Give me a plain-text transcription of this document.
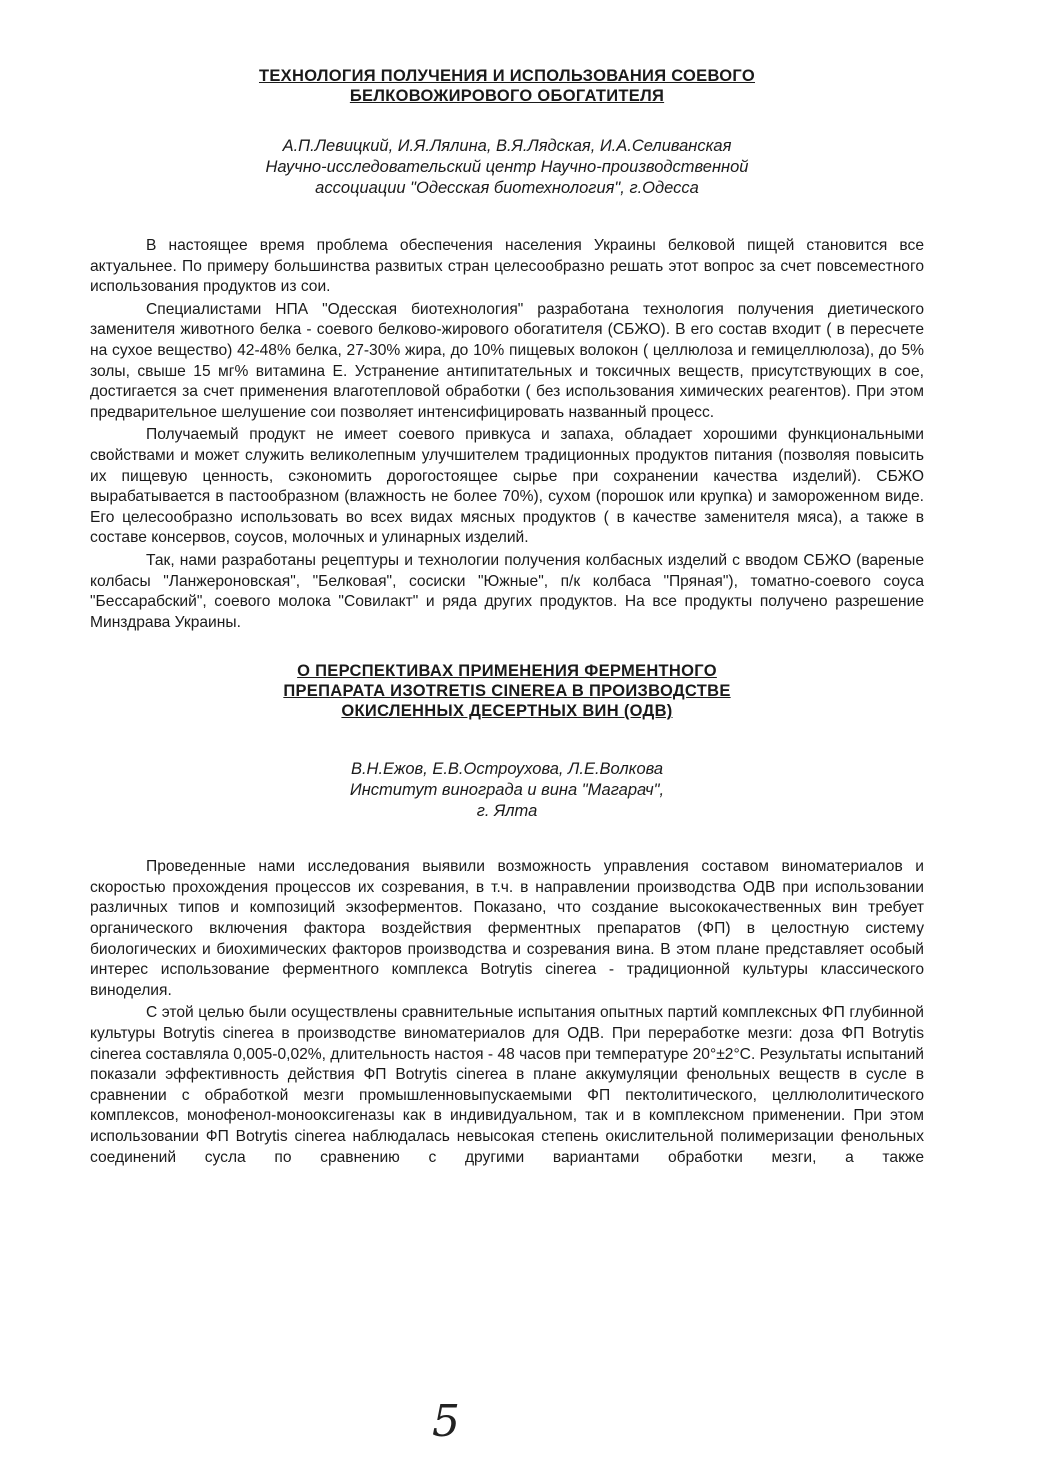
ТЕХНОЛОГИЯ ПОЛУЧЕНИЯ И ИСПОЛЬЗОВАНИЯ СОЕВОГО
БЕЛКОВОЖИРОВОГО ОБОГАТИТЕЛЯ
А.П.Левицкий, И.Я.Лялина, В.Я.Лядская, И.А.Селиванская
Научно-исследовательский центр Научно-производственной
ассоциации "Одесская биотехнология", г.Одесса

В настоящее время проблема обеспечения населения Украины белковой пищей становится все актуальнее. По примеру большинства развитых стран целесообразно решать этот вопрос за счет повсеместного использования продуктов из сои.

Специалистами НПА "Одесская биотехнология" разработана технология получения диетического заменителя животного белка - соевого белково-жирового обогатителя (СБЖО). В его состав входит ( в пересчете на сухое вещество) 42-48% белка, 27-30% жира, до 10% пищевых волокон ( целлюлоза и гемицеллюлоза), до 5% золы, свыше 15 мг% витамина Е. Устранение антипитательных и токсичных веществ, присутствующих в сое, достигается за счет применения влаготепловой обработки ( без использования химических реагентов). При этом предварительное шелушение сои позволяет интенсифицировать названный процесс.

Получаемый продукт не имеет соевого привкуса и запаха, обладает хорошими функциональными свойствами и может служить великолепным улучшителем традиционных продуктов питания (позволяя повысить их пищевую ценность, сэкономить дорогостоящее сырье при сохранении качества изделий). СБЖО вырабатывается в пастообразном (влажность не более 70%), сухом (порошок или крупка) и замороженном виде. Его целесообразно использовать во всех видах мясных продуктов ( в качестве заменителя мяса), а также в составе консервов, соусов, молочных и улинарных изделий.

Так, нами разработаны рецептуры и технологии получения колбасных изделий с вводом СБЖО (вареные колбасы "Ланжероновская", "Белковая", сосиски "Южные", п/к колбаса "Пряная"), томатно-соевого соуса "Бессарабский", соевого молока "Совилакт" и ряда других продуктов. На все продукты получено разрешение Минздрава Украины.

О ПЕРСПЕКТИВАХ ПРИМЕНЕНИЯ ФЕРМЕНТНОГО
ПРЕПАРАТА ИЗОТRETIS CINEREA В ПРОИЗВОДСТВЕ
ОКИСЛЕННЫХ ДЕСЕРТНЫХ ВИН (ОДВ)
В.Н.Ежов, Е.В.Остроухова, Л.Е.Волкова
Институт винограда и вина "Магарач",
г. Ялта

Проведенные нами исследования выявили возможность управления составом виноматериалов и скоростью прохождения процессов их созревания, в т.ч. в направлении производства ОДВ при использовании различных типов и композиций экзоферментов. Показано, что создание высококачественных вин требует органического включения фактора воздействия ферментных препаратов (ФП) в целостную систему биологических и биохимических факторов производства и созревания вина. В этом плане представляет особый интерес использование ферментного комплекса Botrytis cinerea - традиционной культуры классического виноделия.

С этой целью были осуществлены сравнительные испытания опытных партий комплексных ФП глубинной культуры Botrytis cinerea в производстве виноматериалов для ОДВ. При переработке мезги: доза ФП Botrytis cinerea составляла 0,005-0,02%, длительность настоя - 48 часов при температуре 20°±2°С. Результаты испытаний показали эффективность действия ФП Botrytis cinerea в плане аккумуляции фенольных веществ в сусле в сравнении с обработкой мезги промышленновыпускаемыми ФП пектолитического, целлюлолитического комплексов, монофенол-монооксигеназы как в индивидуальном, так и в комплексном применении. При этом использовании ФП Botrytis cinerea наблюдалась невысокая степень окислительной полимеризации фенольных соединений сусла по сравнению с другими вариантами обработки мезги, а также

5
